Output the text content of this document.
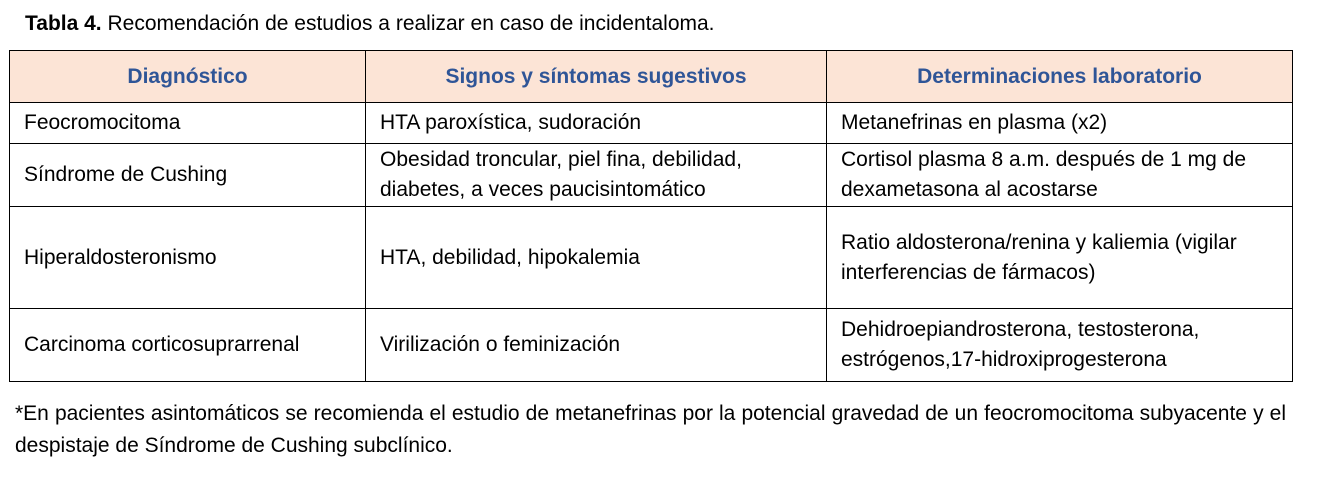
Tabla 4. Recomendación de estudios a realizar en caso de incidentaloma.
Diagnóstico	Signos y síntomas sugestivos	Determinaciones laboratorio
Feocromocitoma	HTA paroxística, sudoración	Metanefrinas en plasma (x2)
Síndrome de Cushing	Obesidad troncular, piel fina, debilidad, diabetes, a veces paucisintomático	Cortisol plasma 8 a.m. después de 1 mg de dexametasona al acostarse
Hiperaldosteronismo	HTA, debilidad, hipokalemia	Ratio aldosterona/renina y kaliemia (vigilar interferencias de fármacos)
Carcinoma corticosuprarrenal	Virilización o feminización	Dehidroepiandrosterona, testosterona, estrógenos,17-hidroxiprogesterona
*En pacientes asintomáticos se recomienda el estudio de metanefrinas por la potencial gravedad de un feocromocitoma subyacente y el despistaje de Síndrome de Cushing subclínico.
